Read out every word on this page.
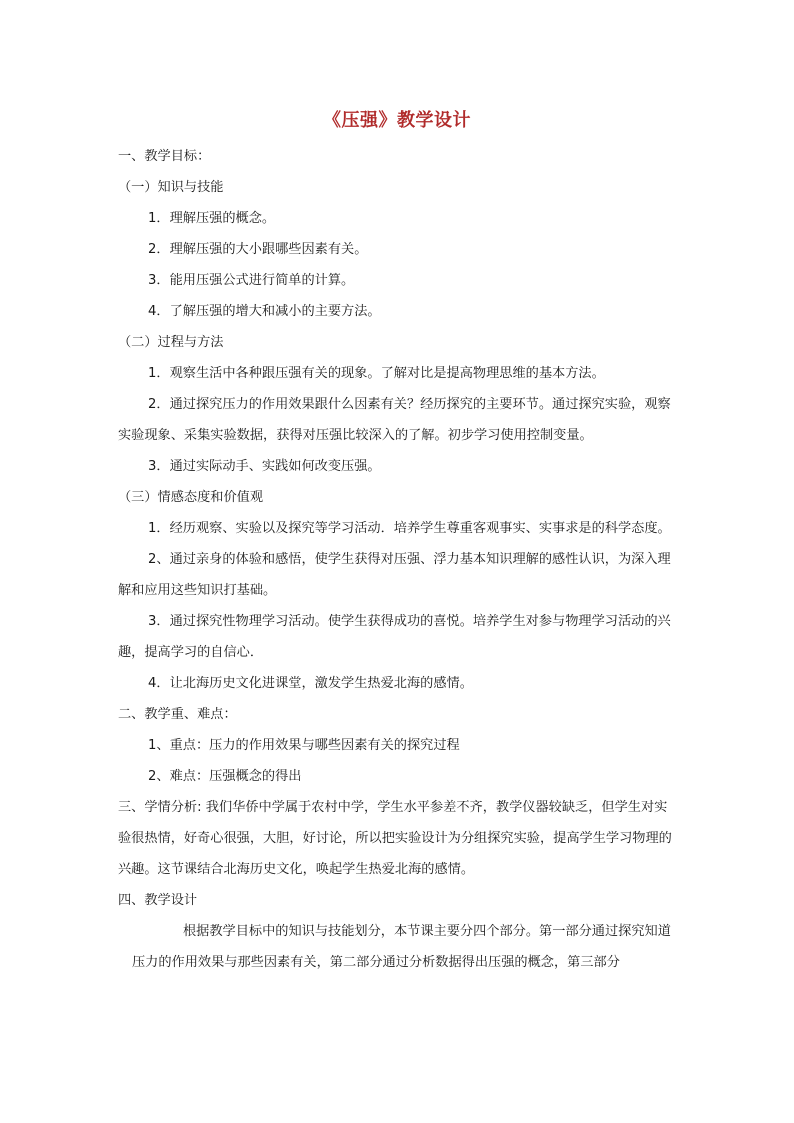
《压强》教学设计

一、教学目标：

（一）知识与技能

1．理解压强的概念。

2．理解压强的大小跟哪些因素有关。

3．能用压强公式进行简单的计算。

4．了解压强的增大和减小的主要方法。

（二）过程与方法

1．观察生活中各种跟压强有关的现象。了解对比是提高物理思维的基本方法。

2．通过探究压力的作用效果跟什么因素有关？经历探究的主要环节。通过探究实验，观察实验现象、采集实验数据，获得对压强比较深入的了解。初步学习使用控制变量。

3．通过实际动手、实践如何改变压强。

（三）情感态度和价值观

1．经历观察、实验以及探究等学习活动．培养学生尊重客观事实、实事求是的科学态度。

2、通过亲身的体验和感悟，使学生获得对压强、浮力基本知识理解的感性认识，为深入理解和应用这些知识打基础。

3．通过探究性物理学习活动。使学生获得成功的喜悦。培养学生对参与物理学习活动的兴趣，提高学习的自信心．

4．让北海历史文化进课堂，激发学生热爱北海的感情。

二、教学重、难点：

1、重点：压力的作用效果与哪些因素有关的探究过程

2、难点：压强概念的得出

三、学情分析: 我们华侨中学属于农村中学，学生水平参差不齐，教学仪器较缺乏，但学生对实验很热情，好奇心很强，大胆，好讨论，所以把实验设计为分组探究实验，提高学生学习物理的兴趣。这节课结合北海历史文化，唤起学生热爱北海的感情。

四、教学设计

根据教学目标中的知识与技能划分，本节课主要分四个部分。第一部分通过探究知道压力的作用效果与那些因素有关，第二部分通过分析数据得出压强的概念，第三部分
